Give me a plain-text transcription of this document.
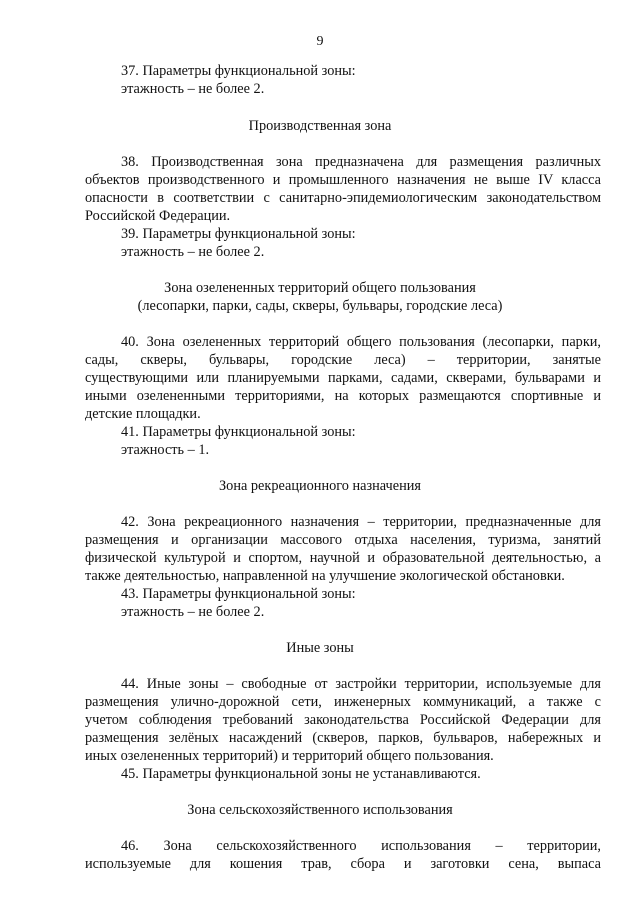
9
37. Параметры функциональной зоны:
этажность – не более 2.
Производственная зона
38. Производственная зона предназначена для размещения различных
объектов производственного и промышленного назначения не выше IV класса
опасности в соответствии с санитарно-эпидемиологическим законодательством
Российской Федерации.
39. Параметры функциональной зоны:
этажность – не более 2.
Зона озелененных территорий общего пользования
(лесопарки, парки, сады, скверы, бульвары, городские леса)
40. Зона озелененных территорий общего пользования (лесопарки, парки,
сады, скверы, бульвары, городские леса) – территории, занятые
существующими или планируемыми парками, садами, скверами, бульварами и
иными озелененными территориями, на которых размещаются спортивные и
детские площадки.
41. Параметры функциональной зоны:
этажность – 1.
Зона рекреационного назначения
42. Зона рекреационного назначения – территории, предназначенные для
размещения и организации массового отдыха населения, туризма, занятий
физической культурой и спортом, научной и образовательной деятельностью, а
также деятельностью, направленной на улучшение экологической обстановки.
43. Параметры функциональной зоны:
этажность – не более 2.
Иные зоны
44. Иные зоны – свободные от застройки территории, используемые для
размещения улично-дорожной сети, инженерных коммуникаций, а также с
учетом соблюдения требований законодательства Российской Федерации для
размещения зелёных насаждений (скверов, парков, бульваров, набережных и
иных озелененных территорий) и территорий общего пользования.
45. Параметры функциональной зоны не устанавливаются.
Зона сельскохозяйственного использования
46. Зона сельскохозяйственного использования – территории,
используемые для кошения трав, сбора и заготовки сена, выпаса
